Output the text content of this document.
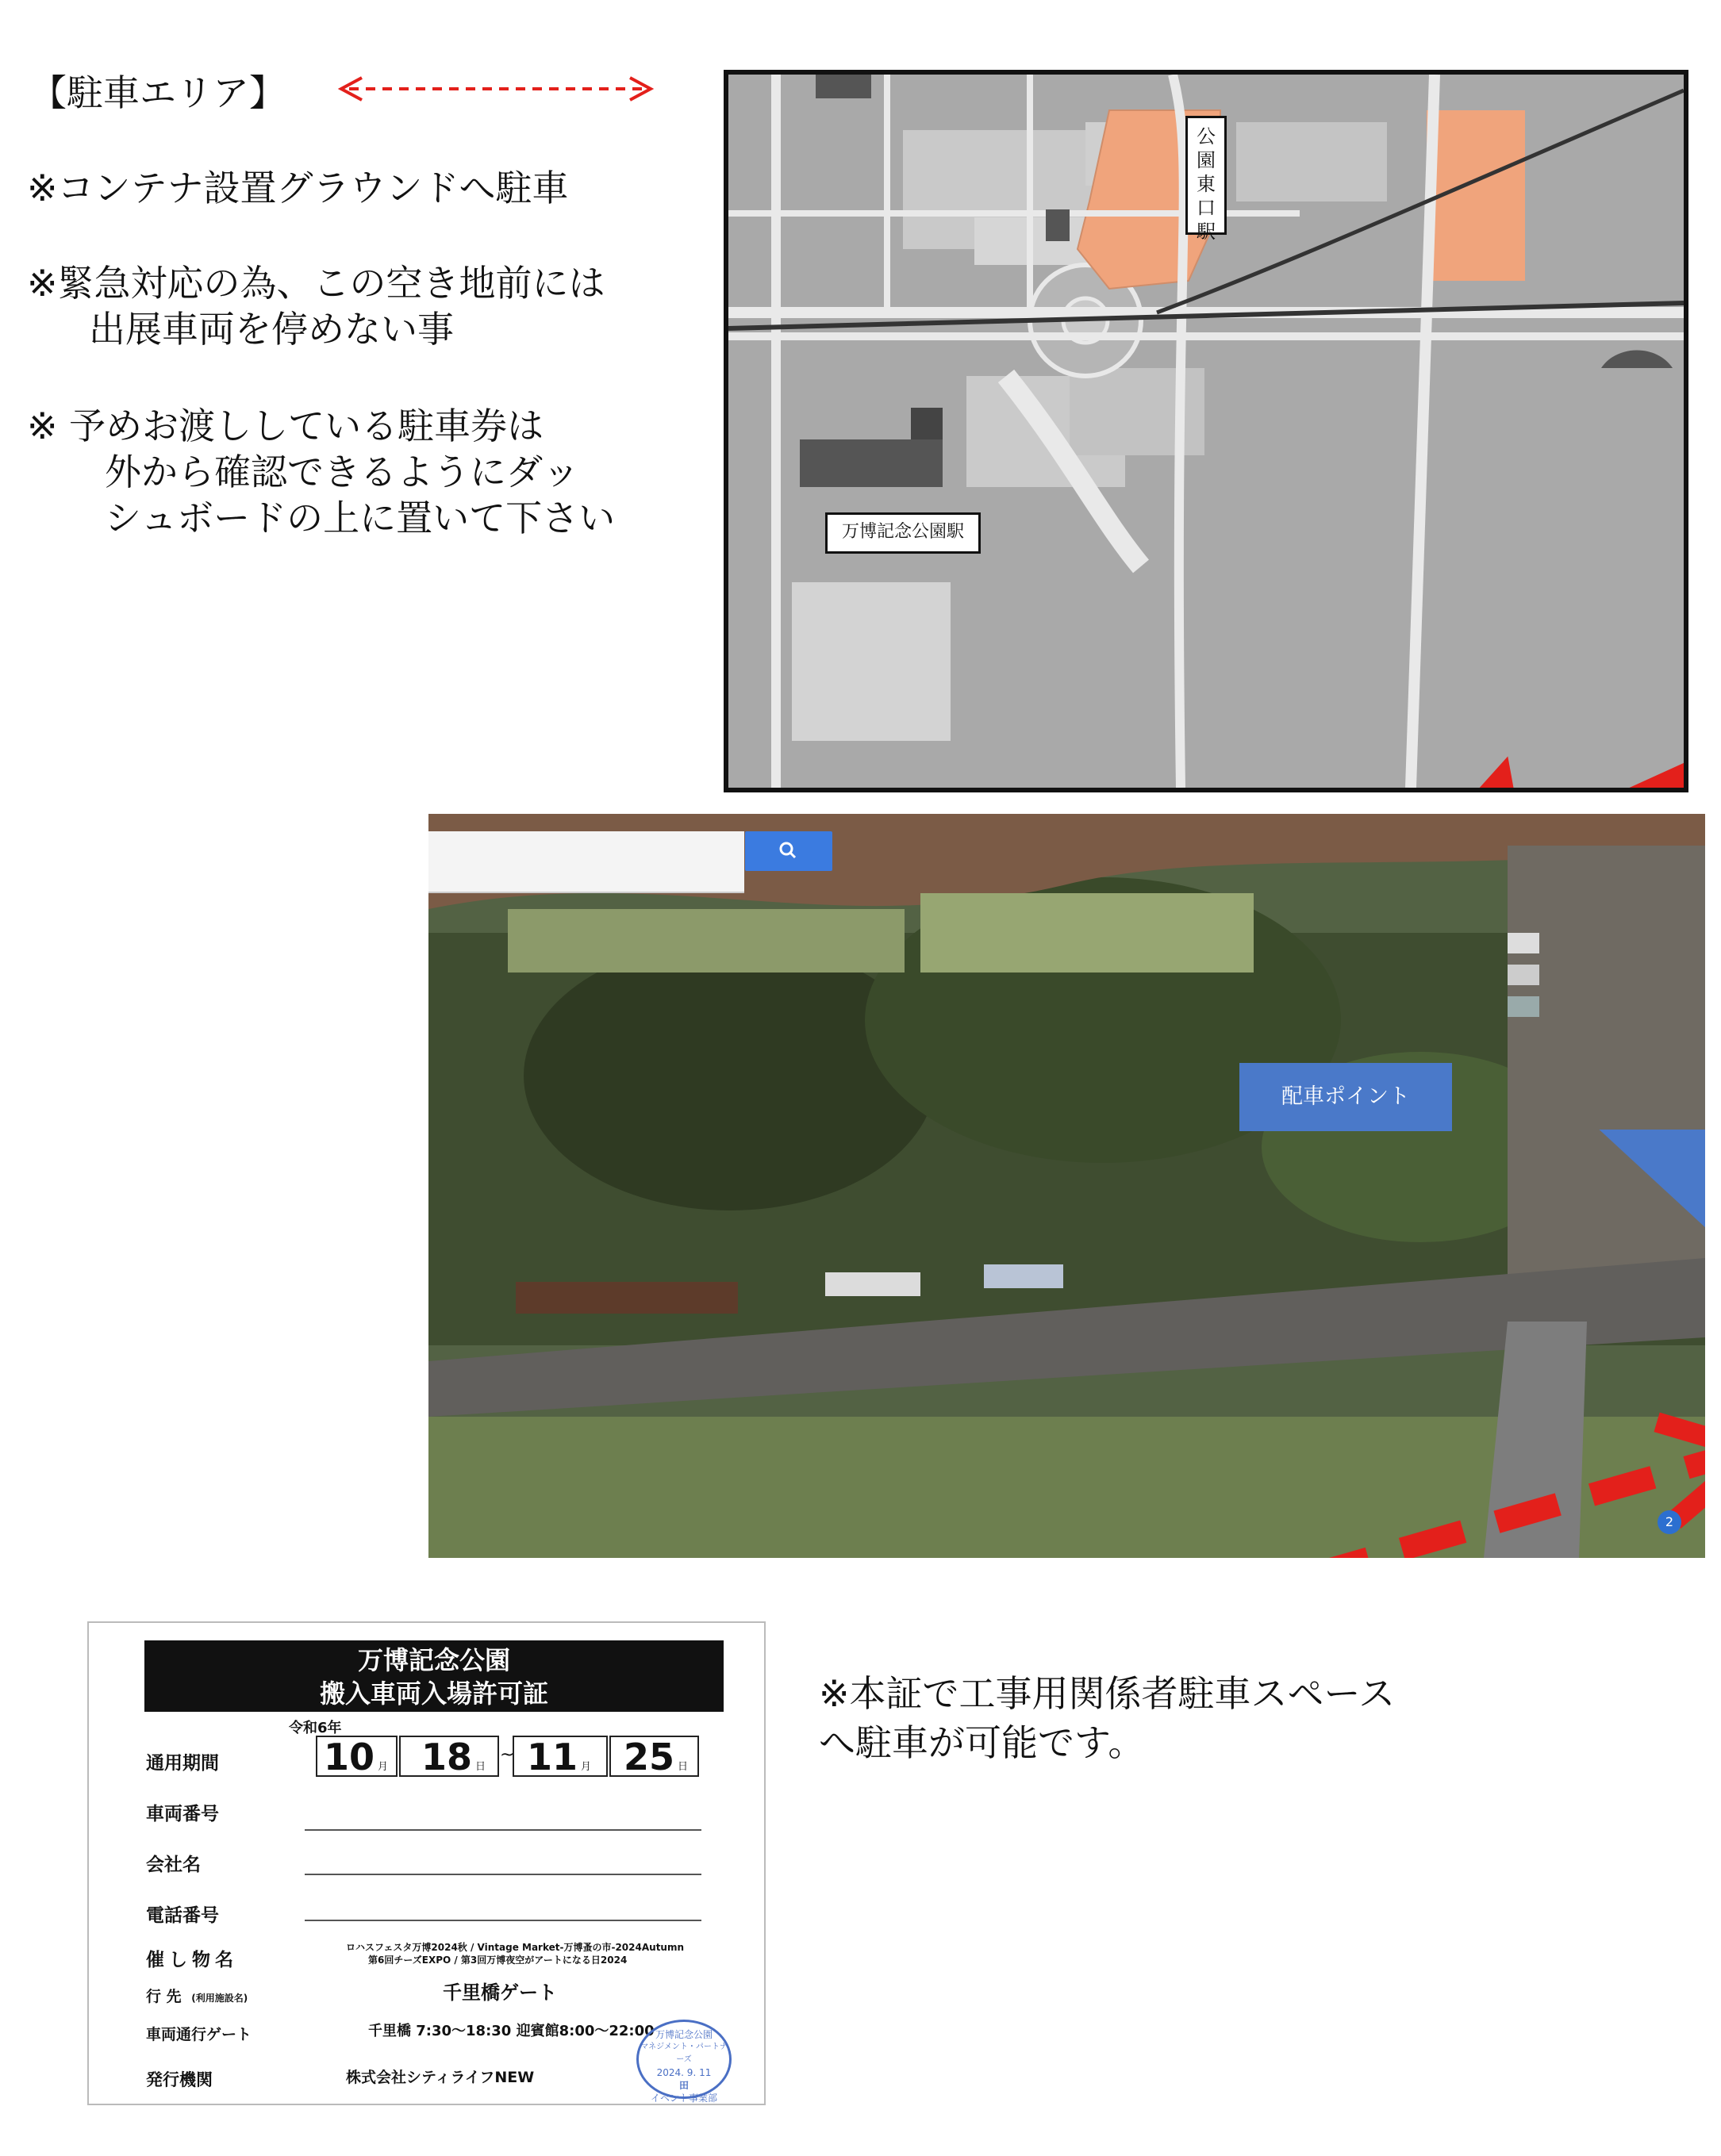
【駐車エリア】
※コンテナ設置グラウンドへ駐車
※緊急対応の為、この空き地前には
出展車両を停めない事
※ 予めお渡ししている駐車券は
外から確認できるようにダッ
シュボードの上に置いて下さい
公園東口駅
万博記念公園駅
配車ポイント
2
万博記念公園
搬入車両入場許可証
令和6年
通用期間	10 月 18 日
~ 11 月 25 日
車両番号
会社名
電話番号
催し物名
ロハスフェスタ万博2024秋 / Vintage Market-万博蚤の市-2024Autumn
第6回チーズEXPO / 第3回万博夜空がアートになる日2024
行 先 (利用施設名)	千里橋ゲート
車両通行ゲート	千里橋 7:30〜18:30 迎賓館8:00〜22:00
発行機関	株式会社シティライフNEW
万博記念公園
マネジメント・パートナーズ
2024. 9. 11
田
イベント事業部
※本証で工事用関係者駐車スペース
へ駐車が可能です。
